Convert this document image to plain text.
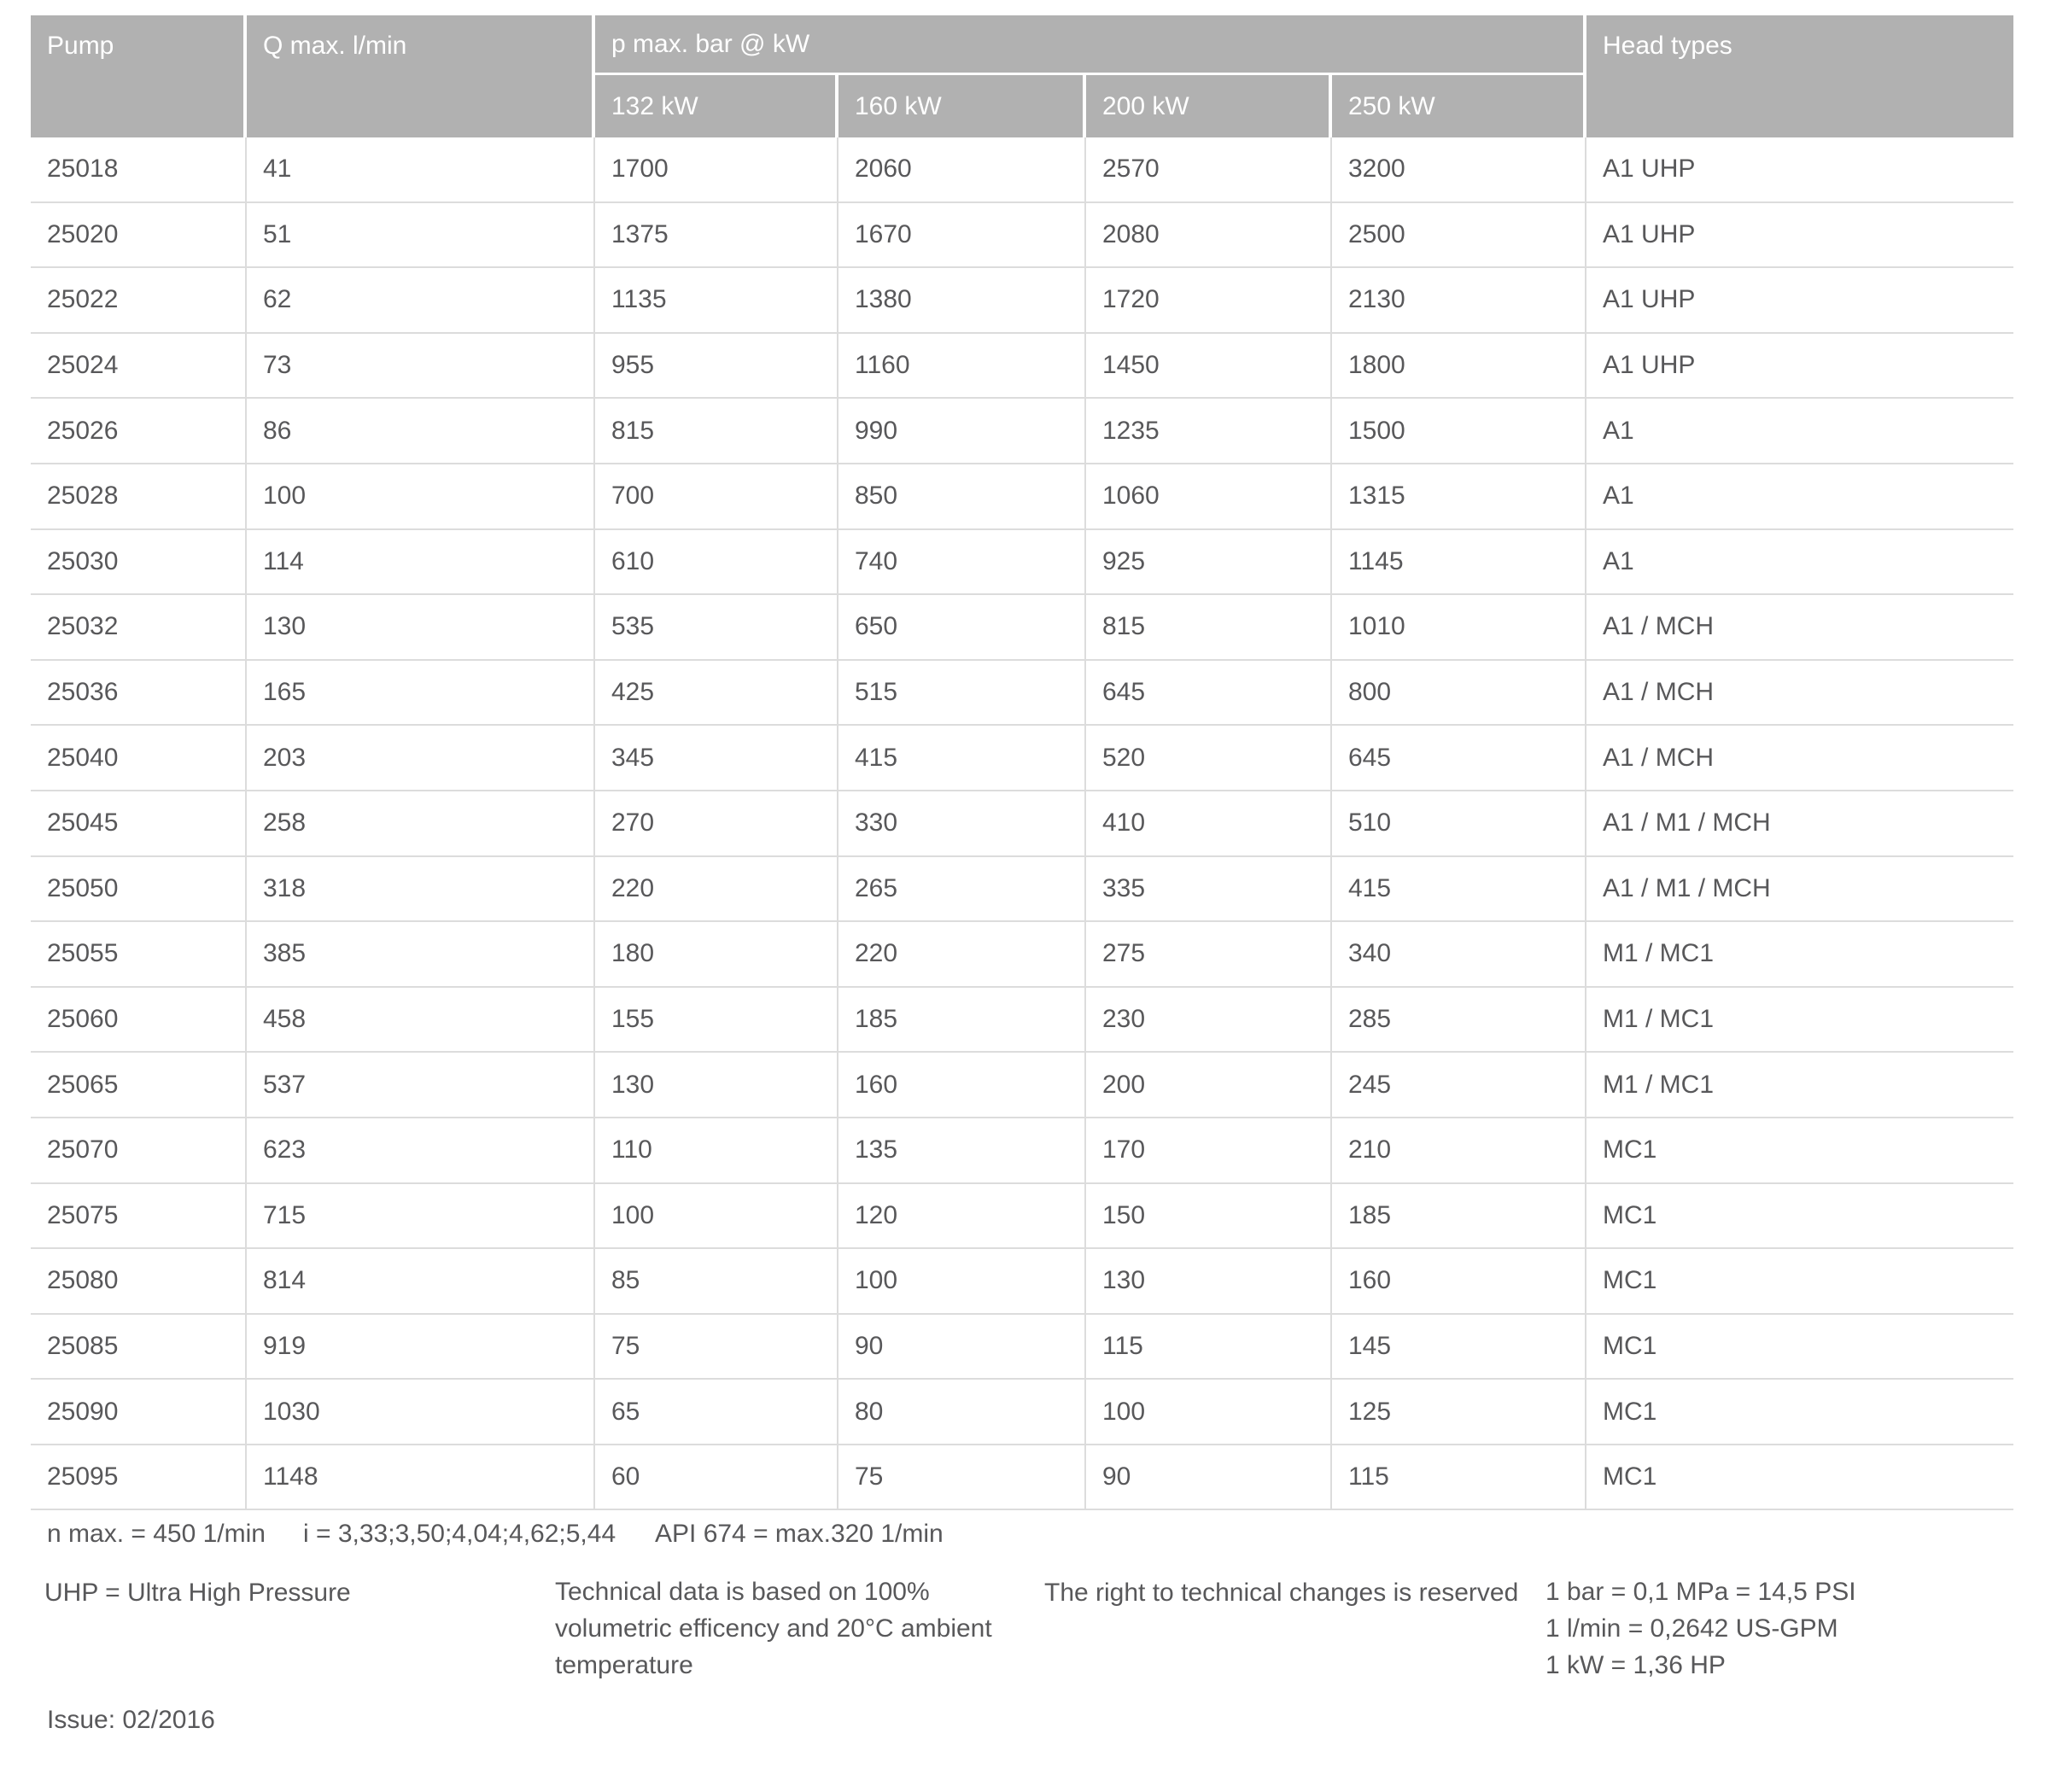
Pump	Q max. l/min	p max. bar @ kW
132 kW	160 kW	200 kW	250 kW
Head types
25018	41	1700	2060	2570	3200	A1 UHP
25020	51	1375	1670	2080	2500	A1 UHP
25022	62	1135	1380	1720	2130	A1 UHP
25024	73	955	1160	1450	1800	A1 UHP
25026	86	815	990	1235	1500	A1
25028	100	700	850	1060	1315	A1
25030	114	610	740	925	1145	A1
25032	130	535	650	815	1010	A1 / MCH
25036	165	425	515	645	800	A1 / MCH
25040	203	345	415	520	645	A1 / MCH
25045	258	270	330	410	510	A1 / M1 / MCH
25050	318	220	265	335	415	A1 / M1 / MCH
25055	385	180	220	275	340	M1 / MC1
25060	458	155	185	230	285	M1 / MC1
25065	537	130	160	200	245	M1 / MC1
25070	623	110	135	170	210	MC1
25075	715	100	120	150	185	MC1
25080	814	85	100	130	160	MC1
25085	919	75	90	115	145	MC1
25090	1030	65	80	100	125	MC1
25095	1148	60	75	90	115	MC1
n max. = 450 1/min i = 3,33;3,50;4,04;4,62;5,44 API 674 = max.320 1/min
UHP = Ultra High Pressure	Technical data is based on 100%
volumetric efficency and 20°C ambient
temperature
The right to technical changes is reserved 1 bar = 0,1 MPa = 14,5 PSI
1 l/min = 0,2642 US-GPM
1 kW = 1,36 HP
Issue: 02/2016
